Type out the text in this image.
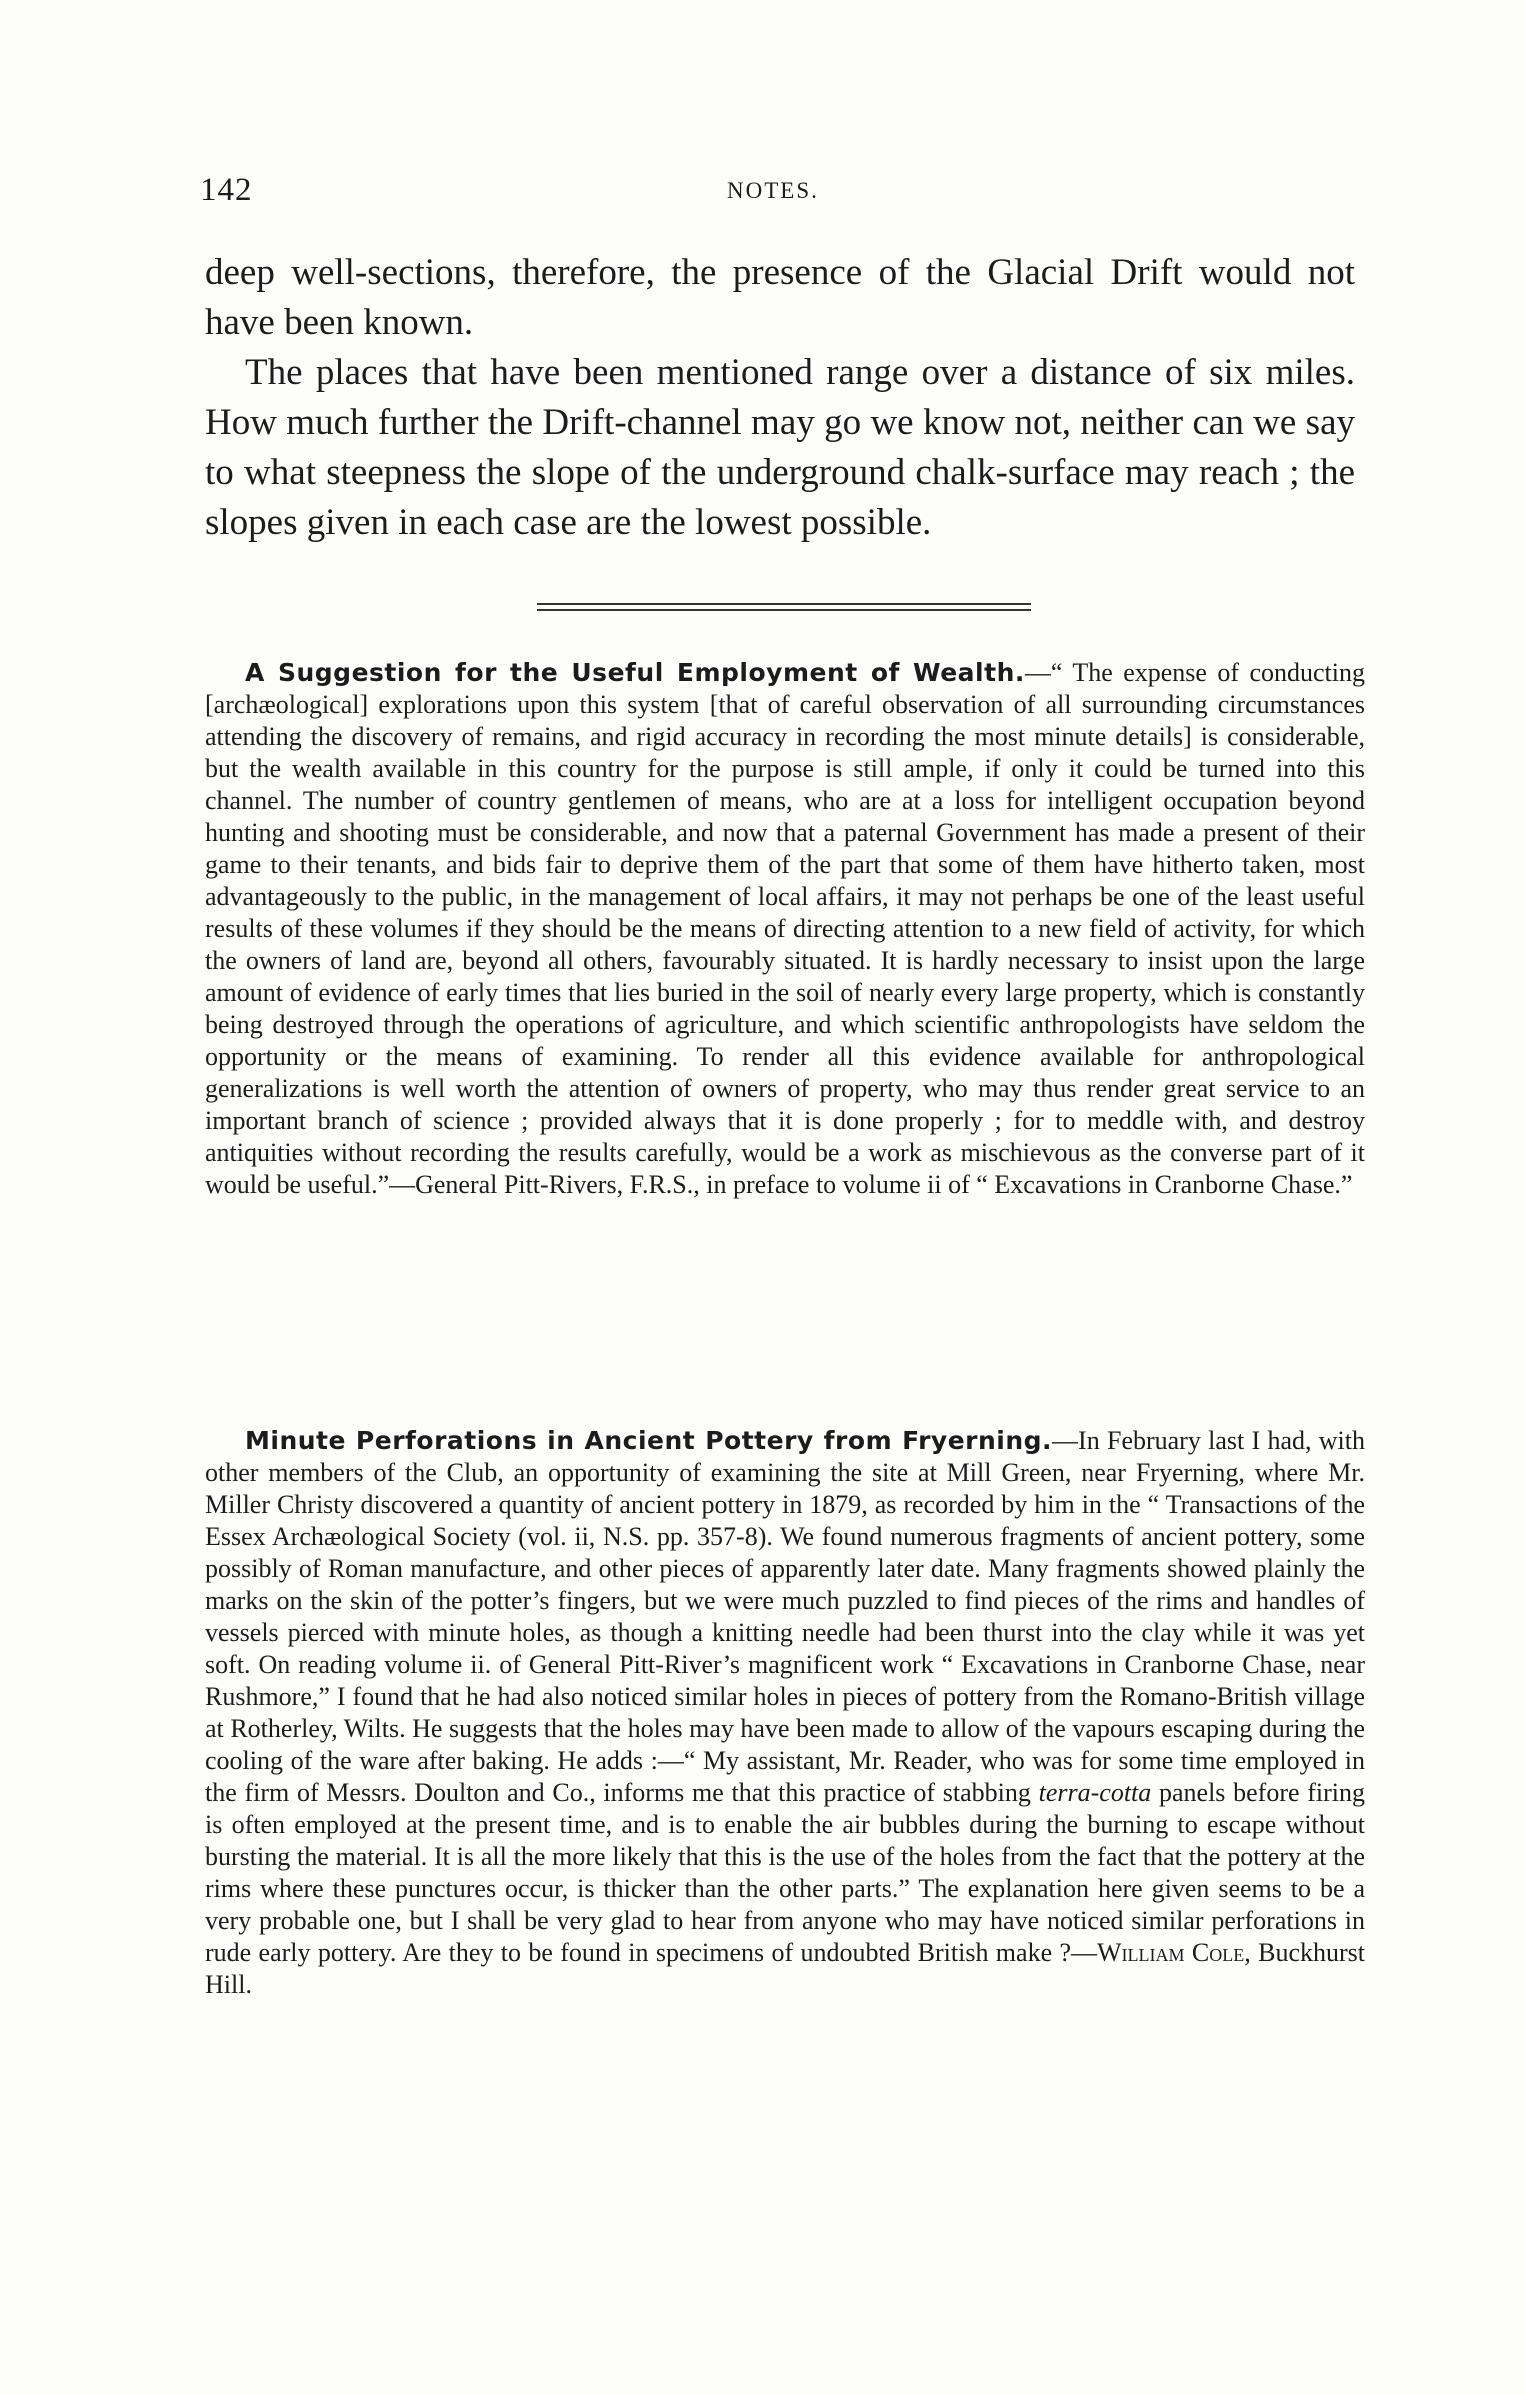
142	NOTES.

deep well-sections, therefore, the presence of the Glacial Drift would not have been known.

The places that have been mentioned range over a distance of six miles. How much further the Drift-channel may go we know not, neither can we say to what steepness the slope of the underground chalk-surface may reach ; the slopes given in each case are the lowest possible.

A Suggestion for the Useful Employment of Wealth.—“ The expense of conducting [archæological] explorations upon this system [that of careful observation of all surrounding circumstances attending the discovery of remains, and rigid accuracy in recording the most minute details] is considerable, but the wealth available in this country for the purpose is still ample, if only it could be turned into this channel. The number of country gentlemen of means, who are at a loss for intelligent occupation beyond hunting and shooting must be considerable, and now that a paternal Government has made a present of their game to their tenants, and bids fair to deprive them of the part that some of them have hitherto taken, most advantageously to the public, in the management of local affairs, it may not perhaps be one of the least useful results of these volumes if they should be the means of directing attention to a new field of activity, for which the owners of land are, beyond all others, favourably situated. It is hardly necessary to insist upon the large amount of evidence of early times that lies buried in the soil of nearly every large property, which is constantly being destroyed through the operations of agriculture, and which scientific anthropologists have seldom the opportunity or the means of examining. To render all this evidence available for anthropological generalizations is well worth the attention of owners of property, who may thus render great service to an important branch of science ; provided always that it is done properly ; for to meddle with, and destroy antiquities without recording the results carefully, would be a work as mischievous as the converse part of it would be useful.”—General Pitt-Rivers, F.R.S., in preface to volume ii of “ Excavations in Cranborne Chase.”

Minute Perforations in Ancient Pottery from Fryerning.—In February last I had, with other members of the Club, an opportunity of examining the site at Mill Green, near Fryerning, where Mr. Miller Christy discovered a quantity of ancient pottery in 1879, as recorded by him in the “ Transactions of the Essex Archæological Society (vol. ii, N.S. pp. 357-8). We found numerous fragments of ancient pottery, some possibly of Roman manufacture, and other pieces of apparently later date. Many fragments showed plainly the marks on the skin of the potter’s fingers, but we were much puzzled to find pieces of the rims and handles of vessels pierced with minute holes, as though a knitting needle had been thurst into the clay while it was yet soft. On reading volume ii. of General Pitt-River’s magnificent work “ Excavations in Cranborne Chase, near Rushmore,” I found that he had also noticed similar holes in pieces of pottery from the Romano-British village at Rotherley, Wilts. He suggests that the holes may have been made to allow of the vapours escaping during the cooling of the ware after baking. He adds :—“ My assistant, Mr. Reader, who was for some time employed in the firm of Messrs. Doulton and Co., informs me that this practice of stabbing terra-cotta panels before firing is often employed at the present time, and is to enable the air bubbles during the burning to escape without bursting the material. It is all the more likely that this is the use of the holes from the fact that the pottery at the rims where these punctures occur, is thicker than the other parts.” The explanation here given seems to be a very probable one, but I shall be very glad to hear from anyone who may have noticed similar perforations in rude early pottery. Are they to be found in specimens of undoubted British make ?—William Cole, Buckhurst Hill.
